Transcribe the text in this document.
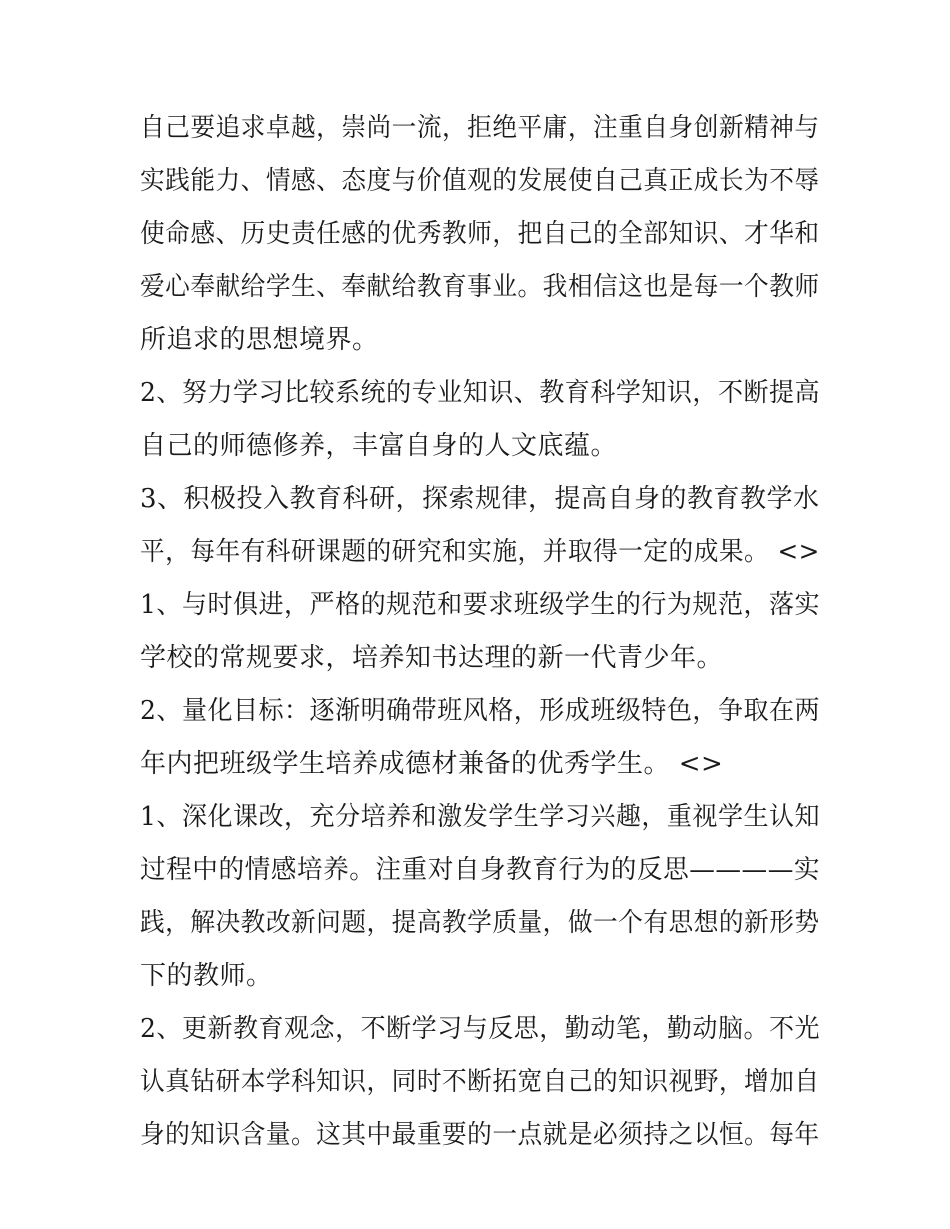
自己要追求卓越，崇尚一流，拒绝平庸，注重自身创新精神与
实践能力、情感、态度与价值观的发展使自己真正成长为不辱
使命感、历史责任感的优秀教师，把自己的全部知识、才华和
爱心奉献给学生、奉献给教育事业。我相信这也是每一个教师
所追求的思想境界。
2、努力学习比较系统的专业知识、教育科学知识，不断提高
自己的师德修养，丰富自身的人文底蕴。
3、积极投入教育科研，探索规律，提高自身的教育教学水
平，每年有科研课题的研究和实施，并取得一定的成果。 <>
1、与时俱进，严格的规范和要求班级学生的行为规范，落实
学校的常规要求，培养知书达理的新一代青少年。
2、量化目标：逐渐明确带班风格，形成班级特色，争取在两
年内把班级学生培养成德材兼备的优秀学生。 <>
1、深化课改，充分培养和激发学生学习兴趣，重视学生认知
过程中的情感培养。注重对自身教育行为的反思————实
践，解决教改新问题，提高教学质量，做一个有思想的新形势
下的教师。
2、更新教育观念，不断学习与反思，勤动笔，勤动脑。不光
认真钻研本学科知识，同时不断拓宽自己的知识视野，增加自
身的知识含量。这其中最重要的一点就是必须持之以恒。每年
